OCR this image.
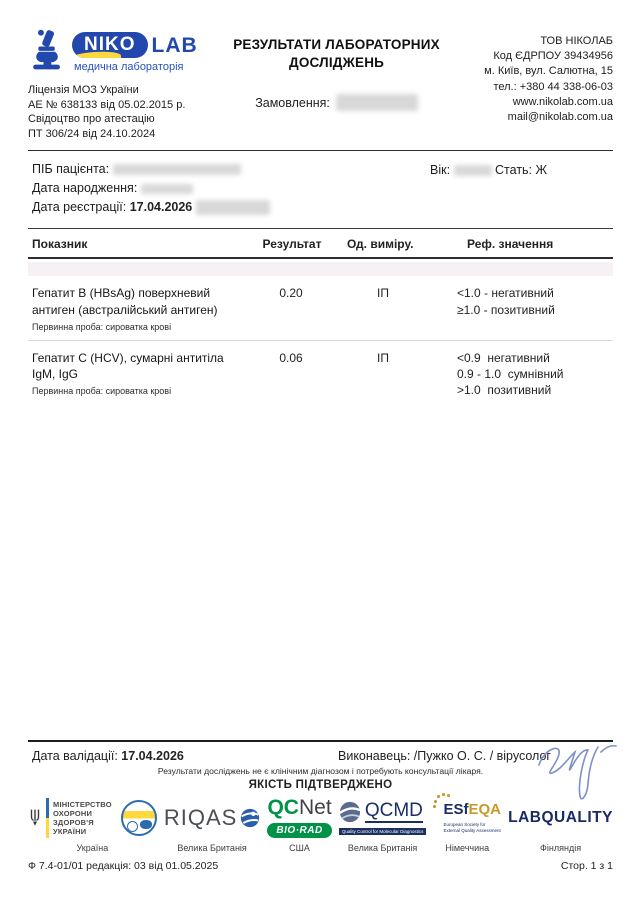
NIKO LAB
медична лабораторія
Ліцензія МОЗ України
АЕ № 638133 від 05.02.2015 р.
Свідоцтво про атестацію
ПТ 306/24 від 24.10.2024
РЕЗУЛЬТАТИ ЛАБОРАТОРНИХ ДОСЛІДЖЕНЬ
Замовлення:
ТОВ НІКОЛАБ
Код ЄДРПОУ 39434956
м. Київ, вул. Салютна, 15
тел.: +380 44 338-06-03
www.nikolab.com.ua
mail@nikolab.com.ua
ПІБ пацієнта:
Дата народження:
Дата реєстрації: 17.04.2026
Вік:	Стать: Ж
Показник	Результат	Од. виміру.	Реф. значення
Гепатит B (HBsAg) поверхневий антиген (австралійський антиген)
Первинна проба: сироватка крові
0.20	ІП	<1.0 - негативний
≥1.0 - позитивний
Гепатит C (HCV), сумарні антитіла IgM, IgG
Первинна проба: сироватка крові
0.06	ІП	<0.9  негативний
0.9 - 1.0  сумнівний
>1.0  позитивний
Дата валідації: 17.04.2026	Виконавець: /Пужко О. С. / вірусолог
Результати досліджень не є клінічним діагнозом і потребують консультації лікаря.
ЯКІСТЬ ПІДТВЕРДЖЕНО
МІНІСТЕРСТВО
ОХОРОНИ
ЗДОРОВ'Я
УКРАЇНИ
Україна
RIQAS
Велика Британія
QCNet
BIO·RAD
США
QCMD
Quality Control for Molecular Diagnostics
Велика Британія
ESfEQA
European Society for
External Quality Assessment
Німеччина
LABQUALITY
Фінляндія
Ф 7.4-01/01 редакція: 03 від 01.05.2025	Стор. 1 з 1
